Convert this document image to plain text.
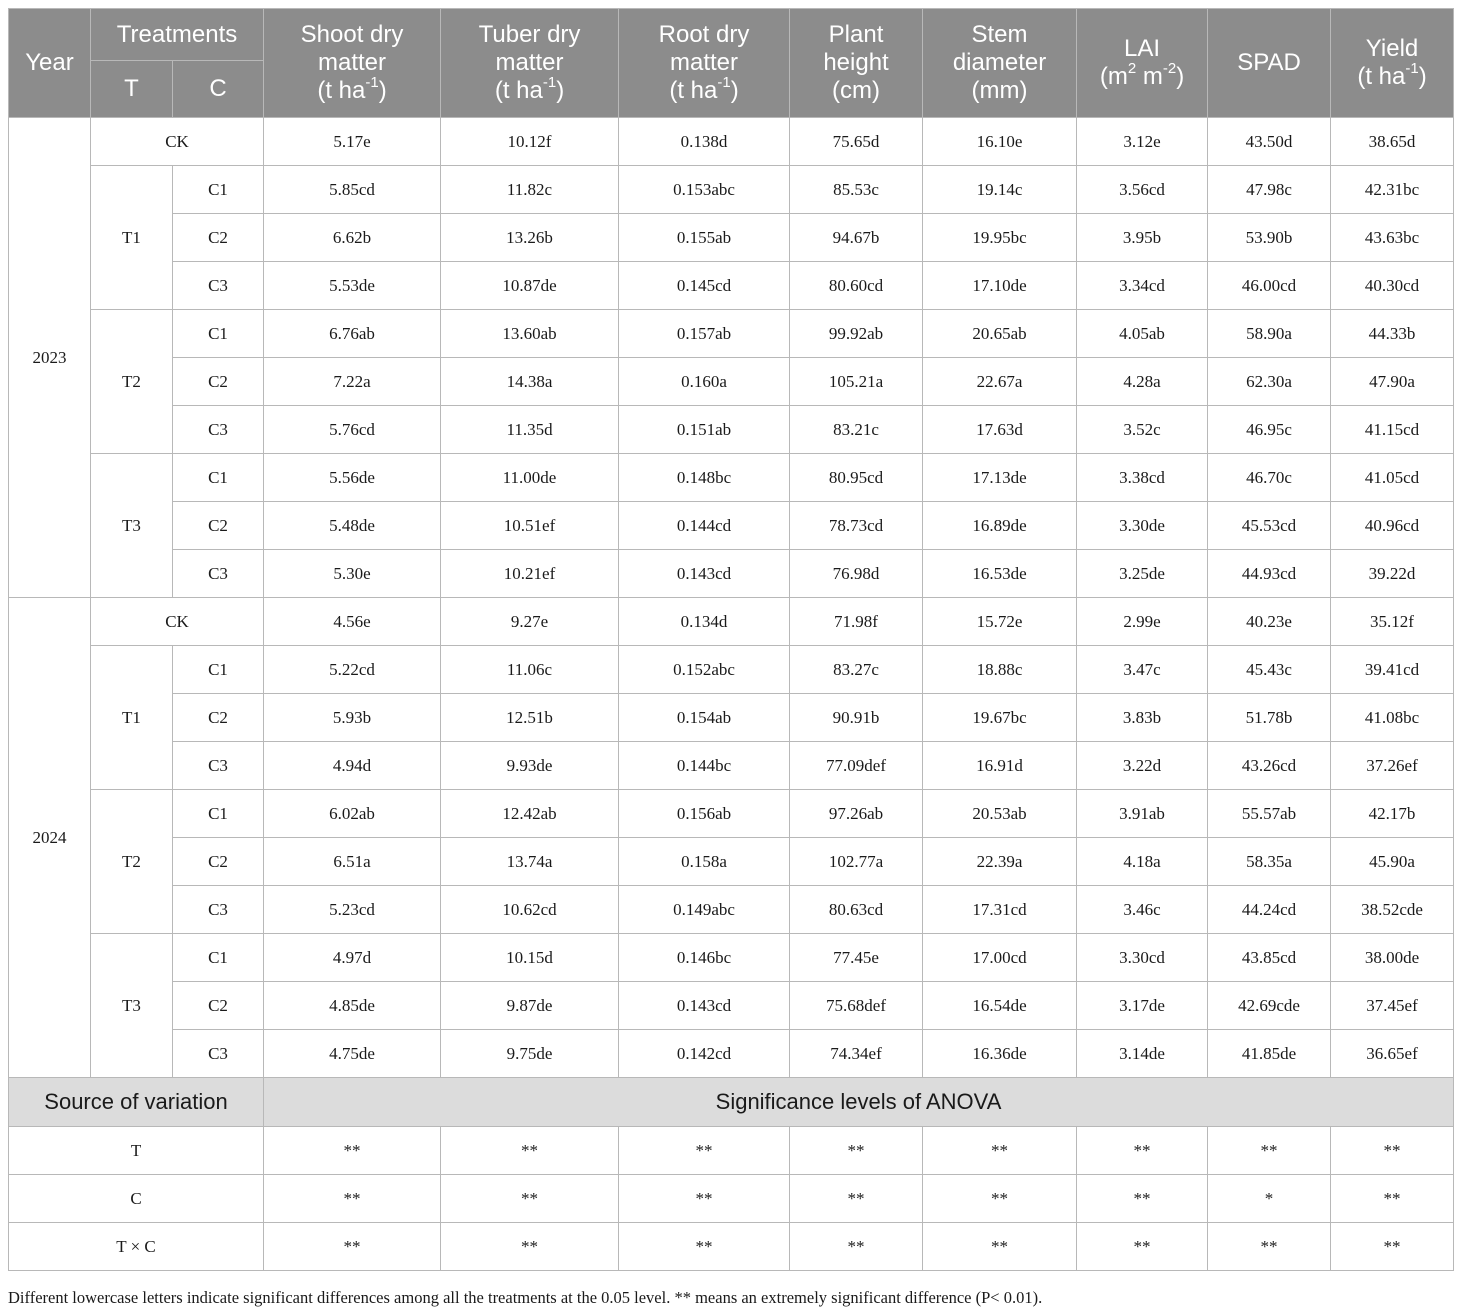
Year	Treatments		Shoot dry
matter
(t $ha^{-1}$)	Tuber dry
matter
(t $ha^{-1}$)	Root dry
matter
(t $ha^{-1}$)	Plant
height
(cm)	Stem
diameter
(mm)	LAI
($m^2$ $m^{-2}$)	SPAD	Yield
(t $ha^{-1}$)

	T	C								
2023	CK		5.17e	10.12f	0.138d	75.65d	16.10e	3.12e	43.50d	38.65d
	T1	C1	5.85cd	11.82c	0.153abc	85.53c	19.14c	3.56cd	47.98c	42.31bc
		C2	6.62b	13.26b	0.155ab	94.67b	19.95bc	3.95b	53.90b	43.63bc
		C3	5.53de	10.87de	0.145cd	80.60cd	17.10de	3.34cd	46.00cd	40.30cd
	T2	C1	6.76ab	13.60ab	0.157ab	99.92ab	20.65ab	4.05ab	58.90a	44.33b
		C2	7.22a	14.38a	0.160a	105.21a	22.67a	4.28a	62.30a	47.90a
		C3	5.76cd	11.35d	0.151ab	83.21c	17.63d	3.52c	46.95c	41.15cd
	T3	C1	5.56de	11.00de	0.148bc	80.95cd	17.13de	3.38cd	46.70c	41.05cd
		C2	5.48de	10.51ef	0.144cd	78.73cd	16.89de	3.30de	45.53cd	40.96cd
		C3	5.30e	10.21ef	0.143cd	76.98d	16.53de	3.25de	44.93cd	39.22d
2024	CK		4.56e	9.27e	0.134d	71.98f	15.72e	2.99e	40.23e	35.12f
	T1	C1	5.22cd	11.06c	0.152abc	83.27c	18.88c	3.47c	45.43c	39.41cd
		C2	5.93b	12.51b	0.154ab	90.91b	19.67bc	3.83b	51.78b	41.08bc
		C3	4.94d	9.93de	0.144bc	77.09def	16.91d	3.22d	43.26cd	37.26ef
	T2	C1	6.02ab	12.42ab	0.156ab	97.26ab	20.53ab	3.91ab	55.57ab	42.17b
		C2	6.51a	13.74a	0.158a	102.77a	22.39a	4.18a	58.35a	45.90a
		C3	5.23cd	10.62cd	0.149abc	80.63cd	17.31cd	3.46c	44.24cd	38.52cde
	T3	C1	4.97d	10.15d	0.146bc	77.45e	17.00cd	3.30cd	43.85cd	38.00de
		C2	4.85de	9.87de	0.143cd	75.68def	16.54de	3.17de	42.69cde	37.45ef
		C3	4.75de	9.75de	0.142cd	74.34ef	16.36de	3.14de	41.85de	36.65ef
Source of variation			Significance levels of ANOVA							
T			**	**	**	**	**	**	**	**
C			**	**	**	**	**	**	*	**
T × C			**	**	**	**	**	**	**	**
Different lowercase letters indicate significant differences among all the treatments at the 0.05 level. ** means an extremely significant difference (P< 0.01).
